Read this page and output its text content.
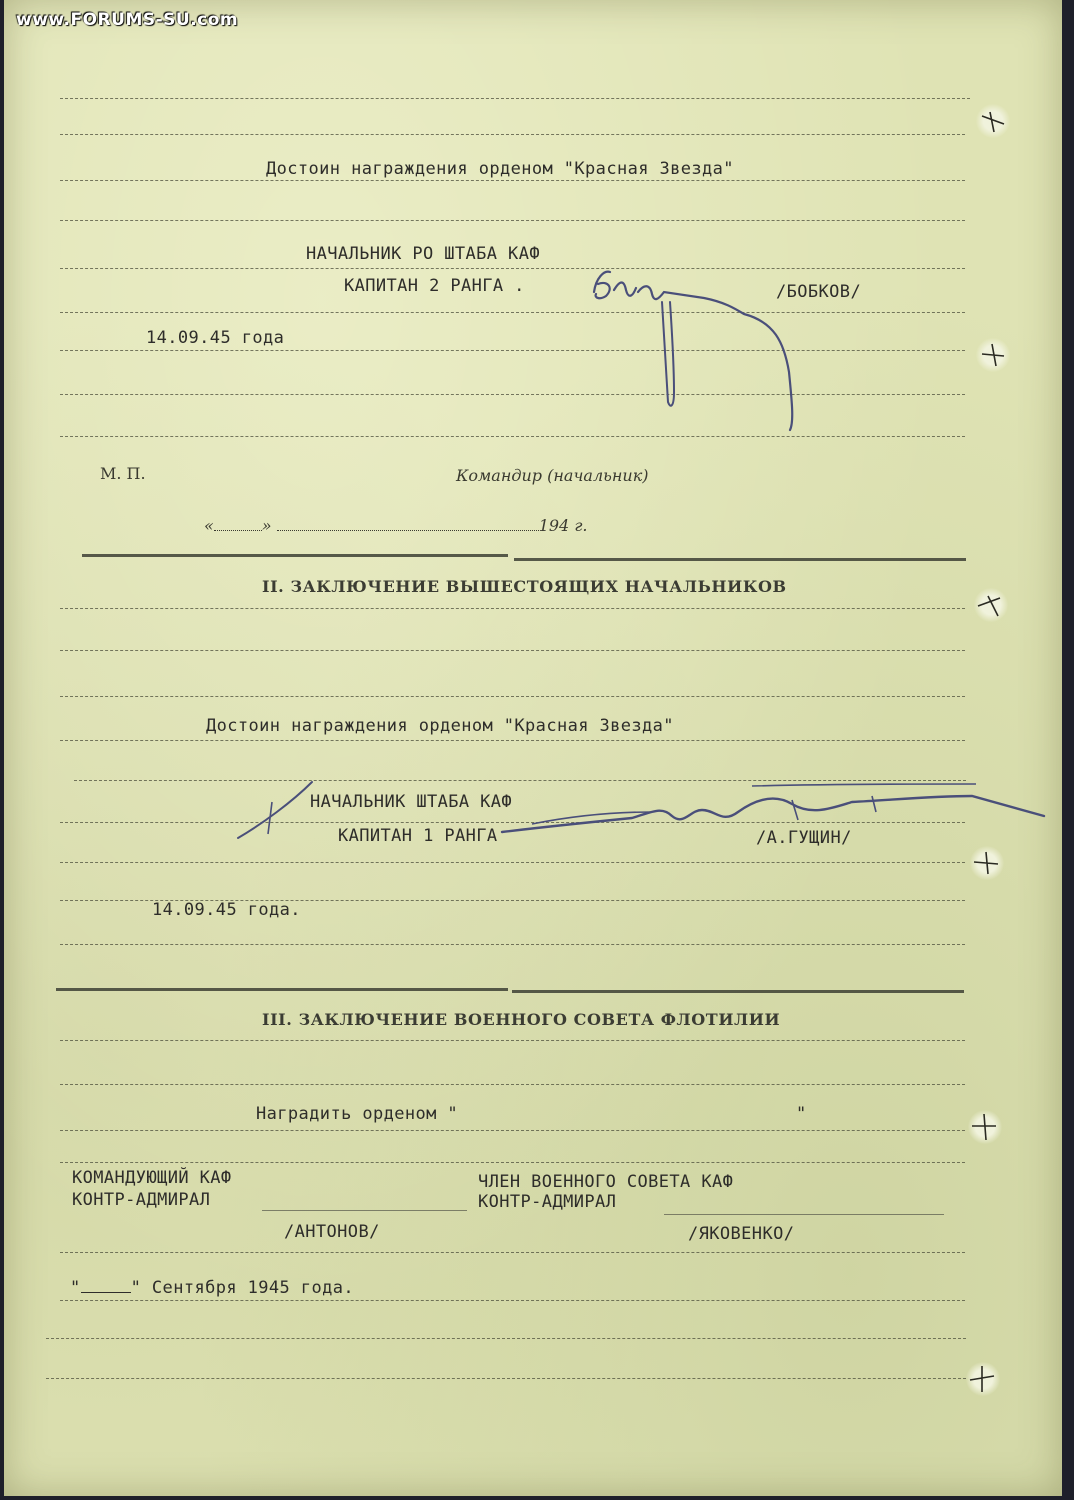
www.FORUMS-SU.com
Достоин награждения орденом "Красная Звезда"
НАЧАЛЬНИК РО ШТАБА КАФ
КАПИТАН 2 РАНГА .	/БОБКОВ/
14.09.45 года
М. П.	Командир (начальник)
«	»	194 г.
II. ЗАКЛЮЧЕНИЕ ВЫШЕСТОЯЩИХ НАЧАЛЬНИКОВ
Достоин награждения орденом "Красная Звезда"
НАЧАЛЬНИК ШТАБА КАФ
КАПИТАН 1 РАНГА	/А.ГУЩИН/
14.09.45 года.
III. ЗАКЛЮЧЕНИЕ ВОЕННОГО СОВЕТА ФЛОТИЛИИ
Наградить орденом "	"
КОМАНДУЮЩИЙ КАФ
КОНТР-АДМИРАЛ
/АНТОНОВ/
ЧЛЕН ВОЕННОГО СОВЕТА КАФ
КОНТР-АДМИРАЛ
/ЯКОВЕНКО/
"	" Сентября 1945 года.
